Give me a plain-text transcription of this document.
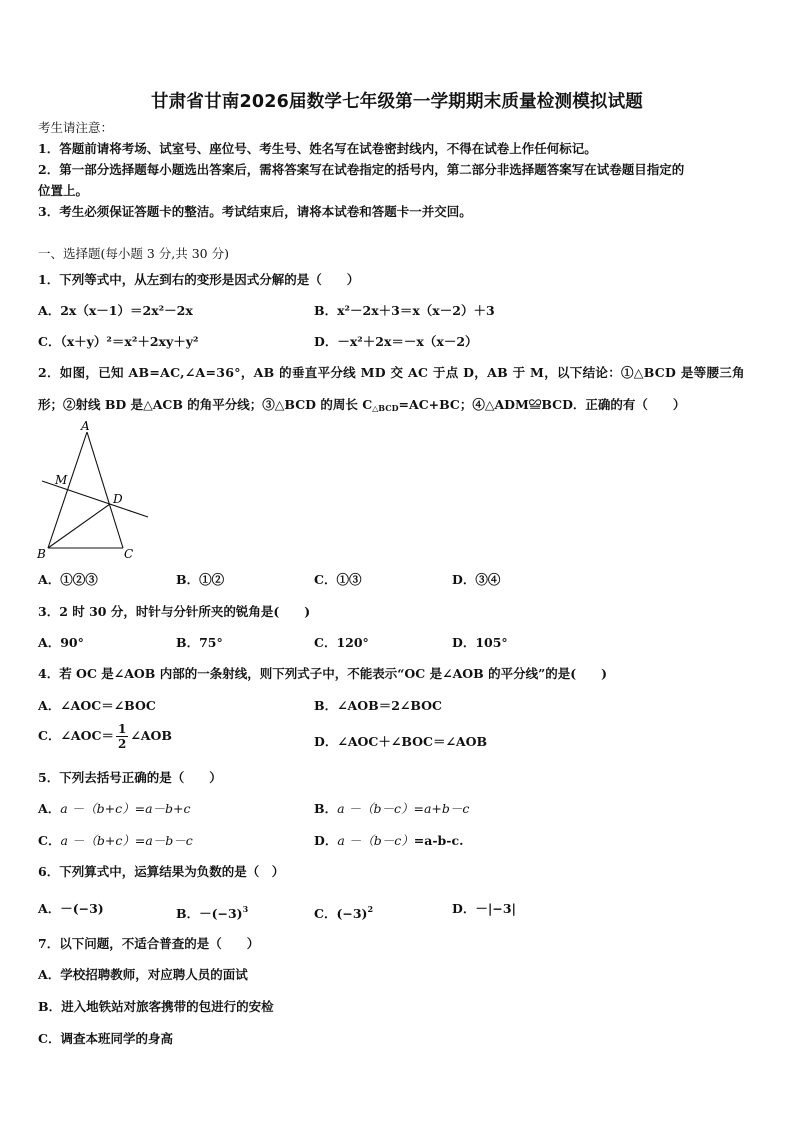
甘肃省甘南2026届数学七年级第一学期期末质量检测模拟试题
考生请注意：
1．答题前请将考场、试室号、座位号、考生号、姓名写在试卷密封线内，不得在试卷上作任何标记。
2．第一部分选择题每小题选出答案后，需将答案写在试卷指定的括号内，第二部分非选择题答案写在试卷题目指定的
位置上。
3．考生必须保证答题卡的整洁。考试结束后，请将本试卷和答题卡一并交回。
一、选择题(每小题 3 分,共 30 分)
1．下列等式中，从左到右的变形是因式分解的是（　　）
A．2x（x－1）＝2x²－2x	B．x²－2x＋3＝x（x－2）＋3
C．（x＋y）²＝x²＋2xy＋y²	D．－x²＋2x＝－x（x－2）
2．如图，已知 AB=AC,∠A=36°，AB 的垂直平分线 MD 交 AC 于点 D，AB 于 M，以下结论：①△BCD 是等腰三角
形；②射线 BD 是△ACB 的角平分线；③△BCD 的周长 $C_{\triangle BCD}=AC+BC$；④△ADM≌BCD．正确的有（　　）
A
M
D
B	C
A．①②③	B．①②	C．①③	D．③④
3．2 时 30 分，时针与分针所夹的锐角是(　　)
A．90°	B．75°	C．120°	D．105°
4．若 OC 是∠AOB 内部的一条射线，则下列式子中，不能表示“OC 是∠AOB 的平分线”的是(　　)
A．∠AOC＝∠BOC	B．∠AOB＝2∠BOC
C．∠AOC＝ $\frac{1}{2}$ ∠AOB	D．∠AOC＋∠BOC＝∠AOB
5．下列去括号正确的是（　　）
A．a －（b+c）=a－b+c	B．a －（b－c）=a+b－c
C．a －（b+c）=a－b－c	D．a －（b－c）=a-b-c.
6．下列算式中，运算结果为负数的是（　）
A．－(−3)	B．$-(-3)^3$	C．$(-3)^2$	D．－|−3|
7．以下问题，不适合普查的是（　　）
A．学校招聘教师，对应聘人员的面试
B．进入地铁站对旅客携带的包进行的安检
C．调查本班同学的身高
